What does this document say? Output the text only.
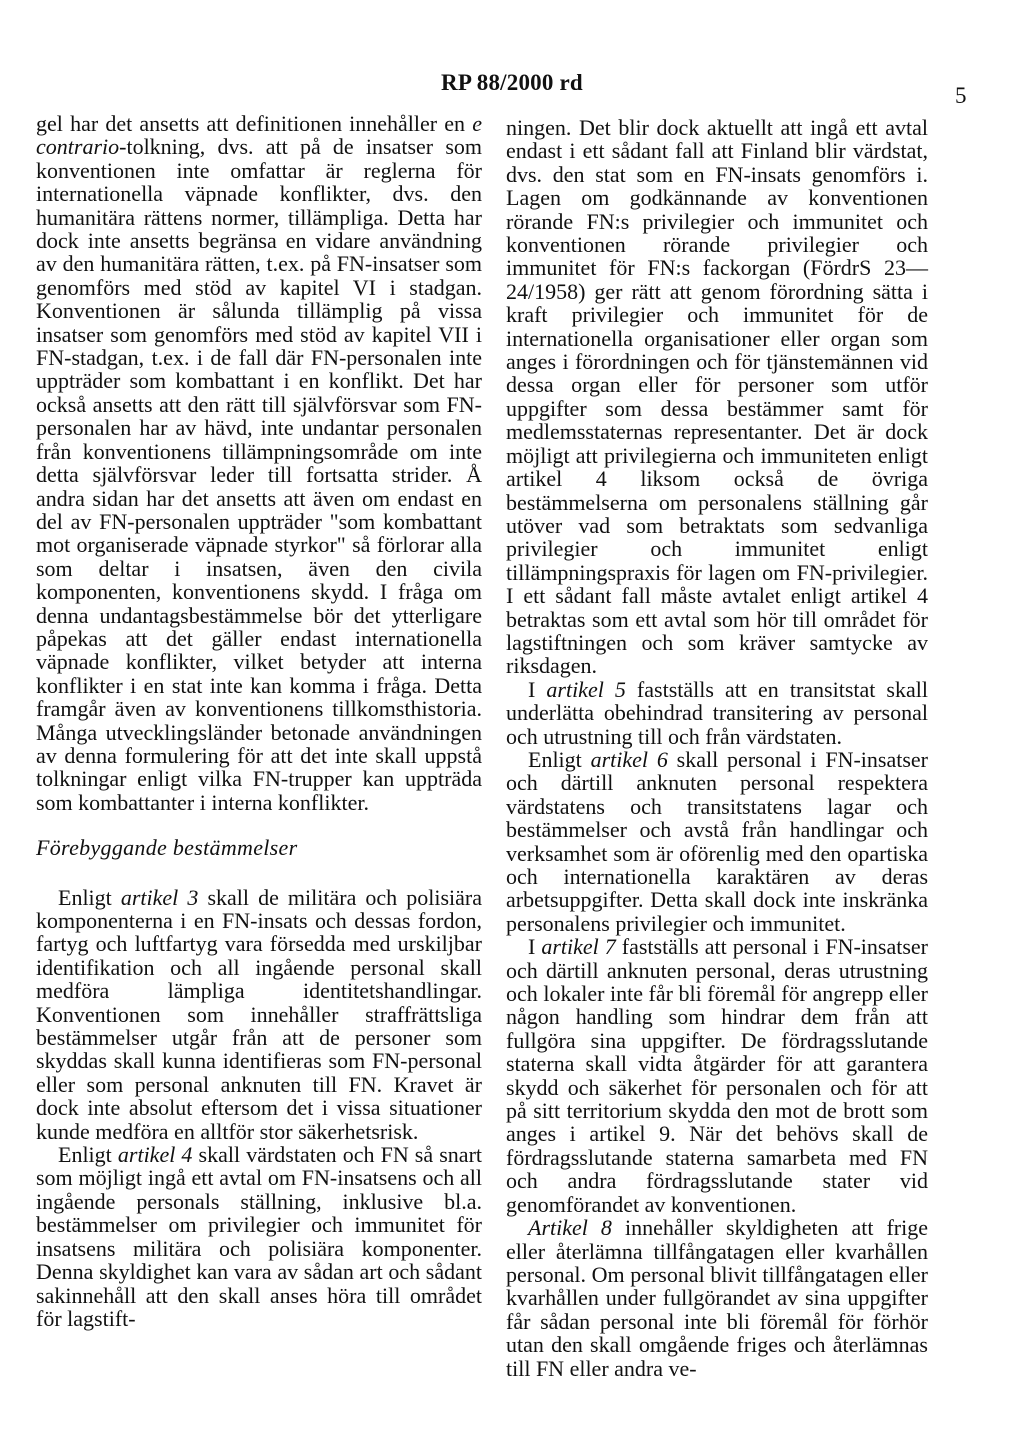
RP 88/2000 rd
5

gel har det ansetts att definitionen innehåller en e contrario-tolkning, dvs. att på de insatser som konventionen inte omfattar är reglerna för internationella väpnade konflikter, dvs. den humanitära rättens normer, tillämpliga. Detta har dock inte ansetts begränsa en vidare användning av den humanitära rätten, t.ex. på FN-insatser som genomförs med stöd av kapitel VI i stadgan. Konventionen är sålunda tillämplig på vissa insatser som genomförs med stöd av kapitel VII i FN-stadgan, t.ex. i de fall där FN-personalen inte uppträder som kombattant i en konflikt. Det har också ansetts att den rätt till självförsvar som FN-personalen har av hävd, inte undantar personalen från konventionens tillämpningsområde om inte detta självförsvar leder till fortsatta strider. Å andra sidan har det ansetts att även om endast en del av FN-personalen uppträder "som kombattant mot organiserade väpnade styrkor" så förlorar alla som deltar i insatsen, även den civila komponenten, konventionens skydd. I fråga om denna undantagsbestämmelse bör det ytterligare påpekas att det gäller endast internationella väpnade konflikter, vilket betyder att interna konflikter i en stat inte kan komma i fråga. Detta framgår även av konventionens tillkomsthistoria. Många utvecklingsländer betonade användningen av denna formulering för att det inte skall uppstå tolkningar enligt vilka FN-trupper kan uppträda som kombattanter i interna konflikter.

Förebyggande bestämmelser

Enligt artikel 3 skall de militära och polisiära komponenterna i en FN-insats och dessas fordon, fartyg och luftfartyg vara försedda med urskiljbar identifikation och all ingående personal skall medföra lämpliga identitetshandlingar. Konventionen som innehåller straffrättsliga bestämmelser utgår från att de personer som skyddas skall kunna identifieras som FN-personal eller som personal anknuten till FN. Kravet är dock inte absolut eftersom det i vissa situationer kunde medföra en alltför stor säkerhetsrisk.

Enligt artikel 4 skall värdstaten och FN så snart som möjligt ingå ett avtal om FN-insatsens och all ingående personals ställning, inklusive bl.a. bestämmelser om privilegier och immunitet för insatsens militära och polisiära komponenter. Denna skyldighet kan vara av sådan art och sådant sakinnehåll att den skall anses höra till området för lagstift-

ningen. Det blir dock aktuellt att ingå ett avtal endast i ett sådant fall att Finland blir värdstat, dvs. den stat som en FN-insats genomförs i. Lagen om godkännande av konventionen rörande FN:s privilegier och immunitet och konventionen rörande privilegier och immunitet för FN:s fackorgan (FördrS 23—24/1958) ger rätt att genom förordning sätta i kraft privilegier och immunitet för de internationella organisationer eller organ som anges i förordningen och för tjänstemännen vid dessa organ eller för personer som utför uppgifter som dessa bestämmer samt för medlemsstaternas representanter. Det är dock möjligt att privilegierna och immuniteten enligt artikel 4 liksom också de övriga bestämmelserna om personalens ställning går utöver vad som betraktats som sedvanliga privilegier och immunitet enligt tillämpningspraxis för lagen om FN-privilegier. I ett sådant fall måste avtalet enligt artikel 4 betraktas som ett avtal som hör till området för lagstiftningen och som kräver samtycke av riksdagen.

I artikel 5 fastställs att en transitstat skall underlätta obehindrad transitering av personal och utrustning till och från värdstaten.

Enligt artikel 6 skall personal i FN-insatser och därtill anknuten personal respektera värdstatens och transitstatens lagar och bestämmelser och avstå från handlingar och verksamhet som är oförenlig med den opartiska och internationella karaktären av deras arbetsuppgifter. Detta skall dock inte inskränka personalens privilegier och immunitet.

I artikel 7 fastställs att personal i FN-insatser och därtill anknuten personal, deras utrustning och lokaler inte får bli föremål för angrepp eller någon handling som hindrar dem från att fullgöra sina uppgifter. De fördragsslutande staterna skall vidta åtgärder för att garantera skydd och säkerhet för personalen och för att på sitt territorium skydda den mot de brott som anges i artikel 9. När det behövs skall de fördragsslutande staterna samarbeta med FN och andra fördragsslutande stater vid genomförandet av konventionen.

Artikel 8 innehåller skyldigheten att frige eller återlämna tillfångatagen eller kvarhållen personal. Om personal blivit tillfångatagen eller kvarhållen under fullgörandet av sina uppgifter får sådan personal inte bli föremål för förhör utan den skall omgående friges och återlämnas till FN eller andra ve-
